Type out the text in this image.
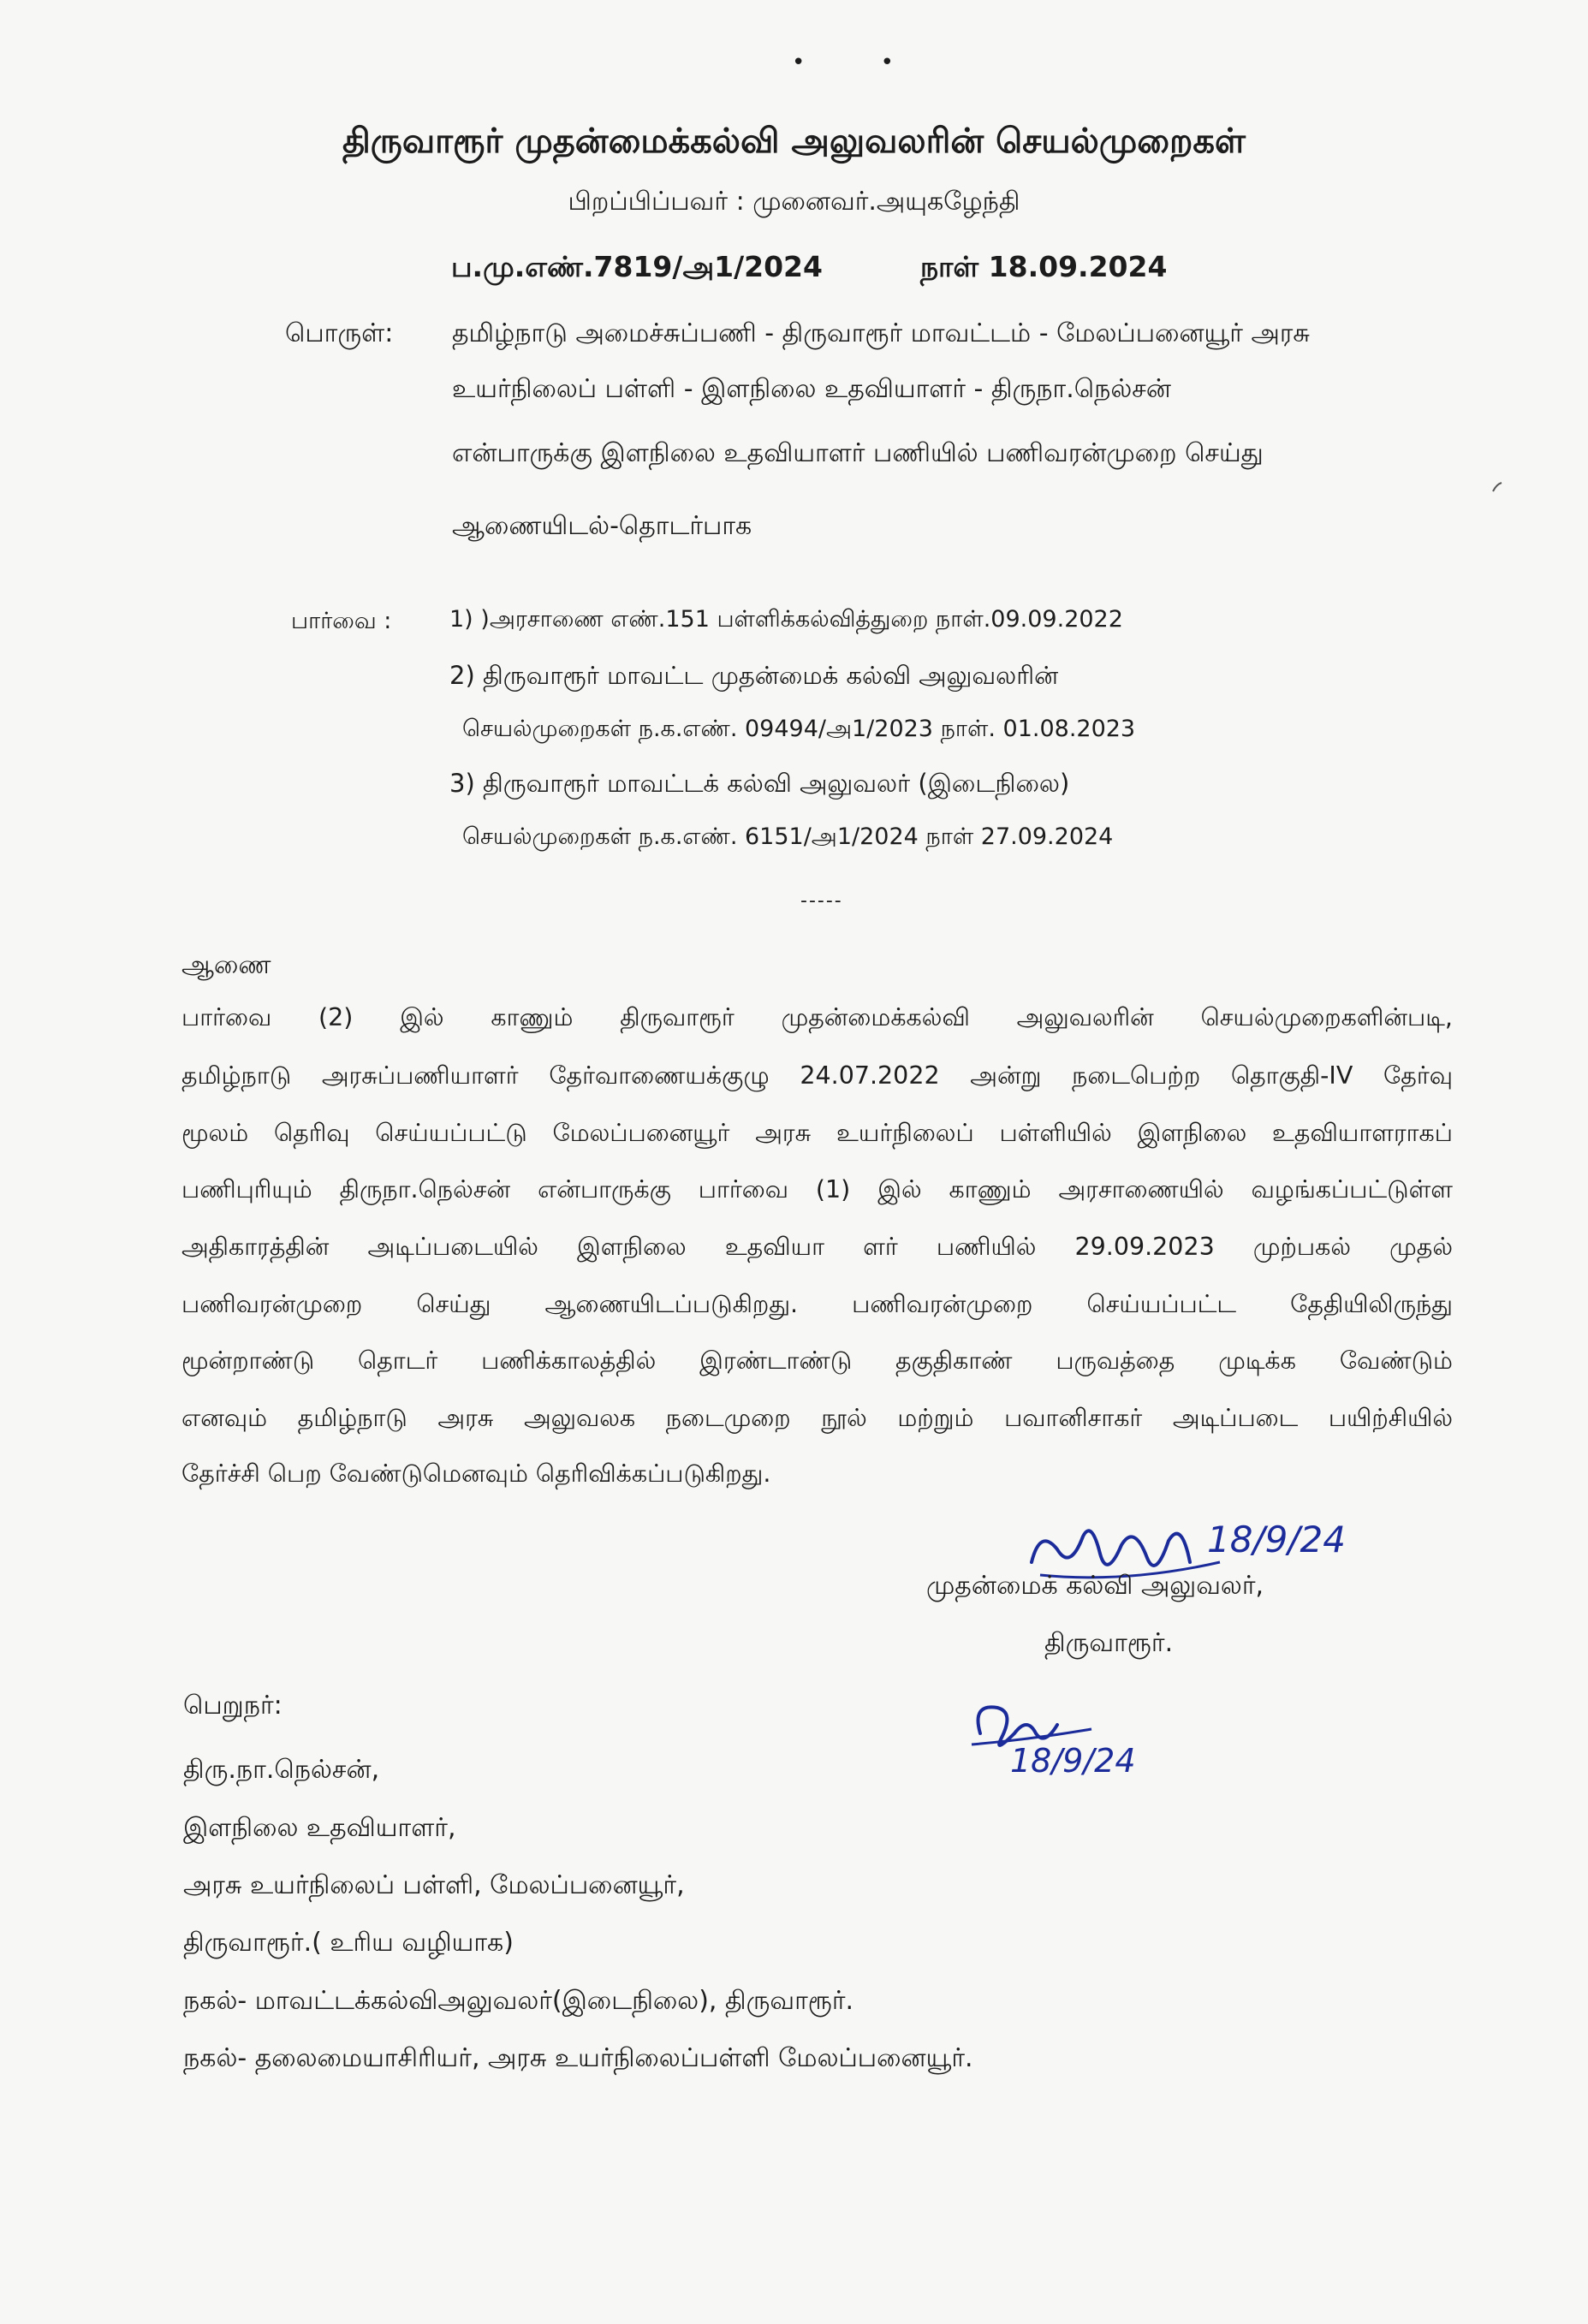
• •
திருவாரூர் முதன்மைக்கல்வி அலுவலரின் செயல்முறைகள்
பிறப்பிப்பவர் : முனைவர்.அயுகழேந்தி
ப.மு.எண்.7819/அ1/2024	நாள் 18.09.2024
பொருள்: தமிழ்நாடு அமைச்சுப்பணி - திருவாரூர் மாவட்டம் - மேலப்பனையூர் அரசு
உயர்நிலைப் பள்ளி - இளநிலை உதவியாளர் - திருநா.நெல்சன்
என்பாருக்கு இளநிலை உதவியாளர் பணியில் பணிவரன்முறை செய்து
ஆணையிடல்-தொடர்பாக
பார்வை :	1) )அரசாணை எண்.151 பள்ளிக்கல்வித்துறை நாள்.09.09.2022
2) திருவாரூர் மாவட்ட முதன்மைக் கல்வி அலுவலரின்
செயல்முறைகள் ந.க.எண். 09494/அ1/2023 நாள். 01.08.2023
3) திருவாரூர் மாவட்டக் கல்வி அலுவலர் (இடைநிலை)
செயல்முறைகள் ந.க.எண். 6151/அ1/2024 நாள் 27.09.2024
-----
ஆணை
பார்வை (2) இல் காணும் திருவாரூர் முதன்மைக்கல்வி அலுவலரின் செயல்முறைகளின்படி,
தமிழ்நாடு அரசுப்பணியாளர் தேர்வாணையக்குழு 24.07.2022 அன்று நடைபெற்ற தொகுதி-IV தேர்வு
மூலம் தெரிவு செய்யப்பட்டு மேலப்பனையூர் அரசு உயர்நிலைப் பள்ளியில் இளநிலை உதவியாளராகப்
பணிபுரியும் திருநா.நெல்சன் என்பாருக்கு பார்வை (1) இல் காணும் அரசாணையில் வழங்கப்பட்டுள்ள
அதிகாரத்தின் அடிப்படையில் இளநிலை உதவியா ளர் பணியில் 29.09.2023 முற்பகல் முதல்
பணிவரன்முறை செய்து ஆணையிடப்படுகிறது. பணிவரன்முறை செய்யப்பட்ட தேதியிலிருந்து
மூன்றாண்டு தொடர் பணிக்காலத்தில் இரண்டாண்டு தகுதிகாண் பருவத்தை முடிக்க வேண்டும்
எனவும் தமிழ்நாடு அரசு அலுவலக நடைமுறை நூல் மற்றும் பவானிசாகர் அடிப்படை பயிற்சியில்
தேர்ச்சி பெற வேண்டுமெனவும் தெரிவிக்கப்படுகிறது.
18/9/24
முதன்மைக் கல்வி அலுவலர்,
திருவாரூர்.
18/9/24
பெறுநர்:
திரு.நா.நெல்சன்,
இளநிலை உதவியாளர்,
அரசு உயர்நிலைப் பள்ளி, மேலப்பனையூர்,
திருவாரூர்.( உரிய வழியாக)
நகல்- மாவட்டக்கல்விஅலுவலர்(இடைநிலை), திருவாரூர்.
நகல்- தலைமையாசிரியர், அரசு உயர்நிலைப்பள்ளி மேலப்பனையூர்.
